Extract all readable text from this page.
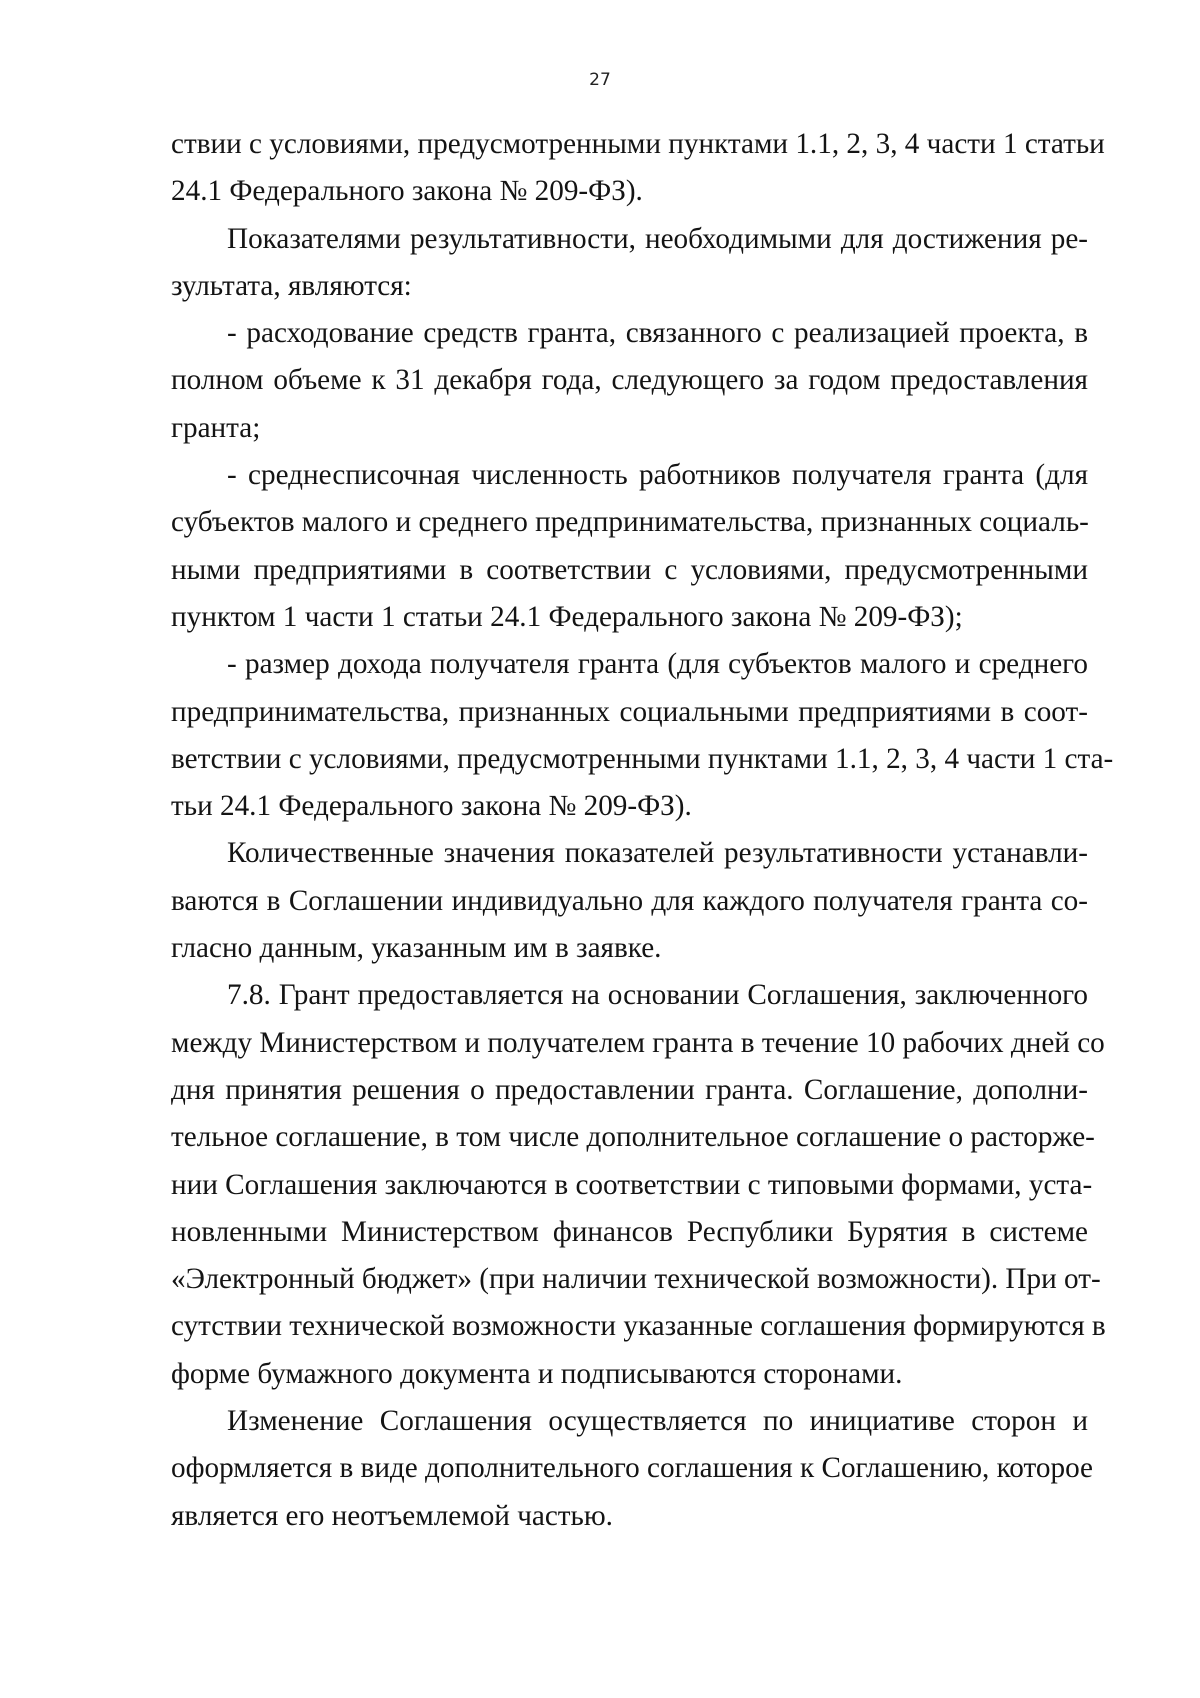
27
ствии с условиями, предусмотренными пунктами 1.1, 2, 3, 4 части 1 статьи
24.1 Федерального закона № 209-ФЗ).
Показателями результативности, необходимыми для достижения ре-
зультата, являются:
- расходование средств гранта, связанного с реализацией проекта, в
полном объеме к 31 декабря года, следующего за годом предоставления
гранта;
- среднесписочная численность работников получателя гранта (для
субъектов малого и среднего предпринимательства, признанных социаль-
ными предприятиями в соответствии с условиями, предусмотренными
пунктом 1 части 1 статьи 24.1 Федерального закона № 209-ФЗ);
- размер дохода получателя гранта (для субъектов малого и среднего
предпринимательства, признанных социальными предприятиями в соот-
ветствии с условиями, предусмотренными пунктами 1.1, 2, 3, 4 части 1 ста-
тьи 24.1 Федерального закона № 209-ФЗ).
Количественные значения показателей результативности устанавли-
ваются в Соглашении индивидуально для каждого получателя гранта со-
гласно данным, указанным им в заявке.
7.8. Грант предоставляется на основании Соглашения, заключенного
между Министерством и получателем гранта в течение 10 рабочих дней со
дня принятия решения о предоставлении гранта. Соглашение, дополни-
тельное соглашение, в том числе дополнительное соглашение о расторже-
нии Соглашения заключаются в соответствии с типовыми формами, уста-
новленными Министерством финансов Республики Бурятия в системе
«Электронный бюджет» (при наличии технической возможности). При от-
сутствии технической возможности указанные соглашения формируются в
форме бумажного документа и подписываются сторонами.
Изменение Соглашения осуществляется по инициативе сторон и
оформляется в виде дополнительного соглашения к Соглашению, которое
является его неотъемлемой частью.
